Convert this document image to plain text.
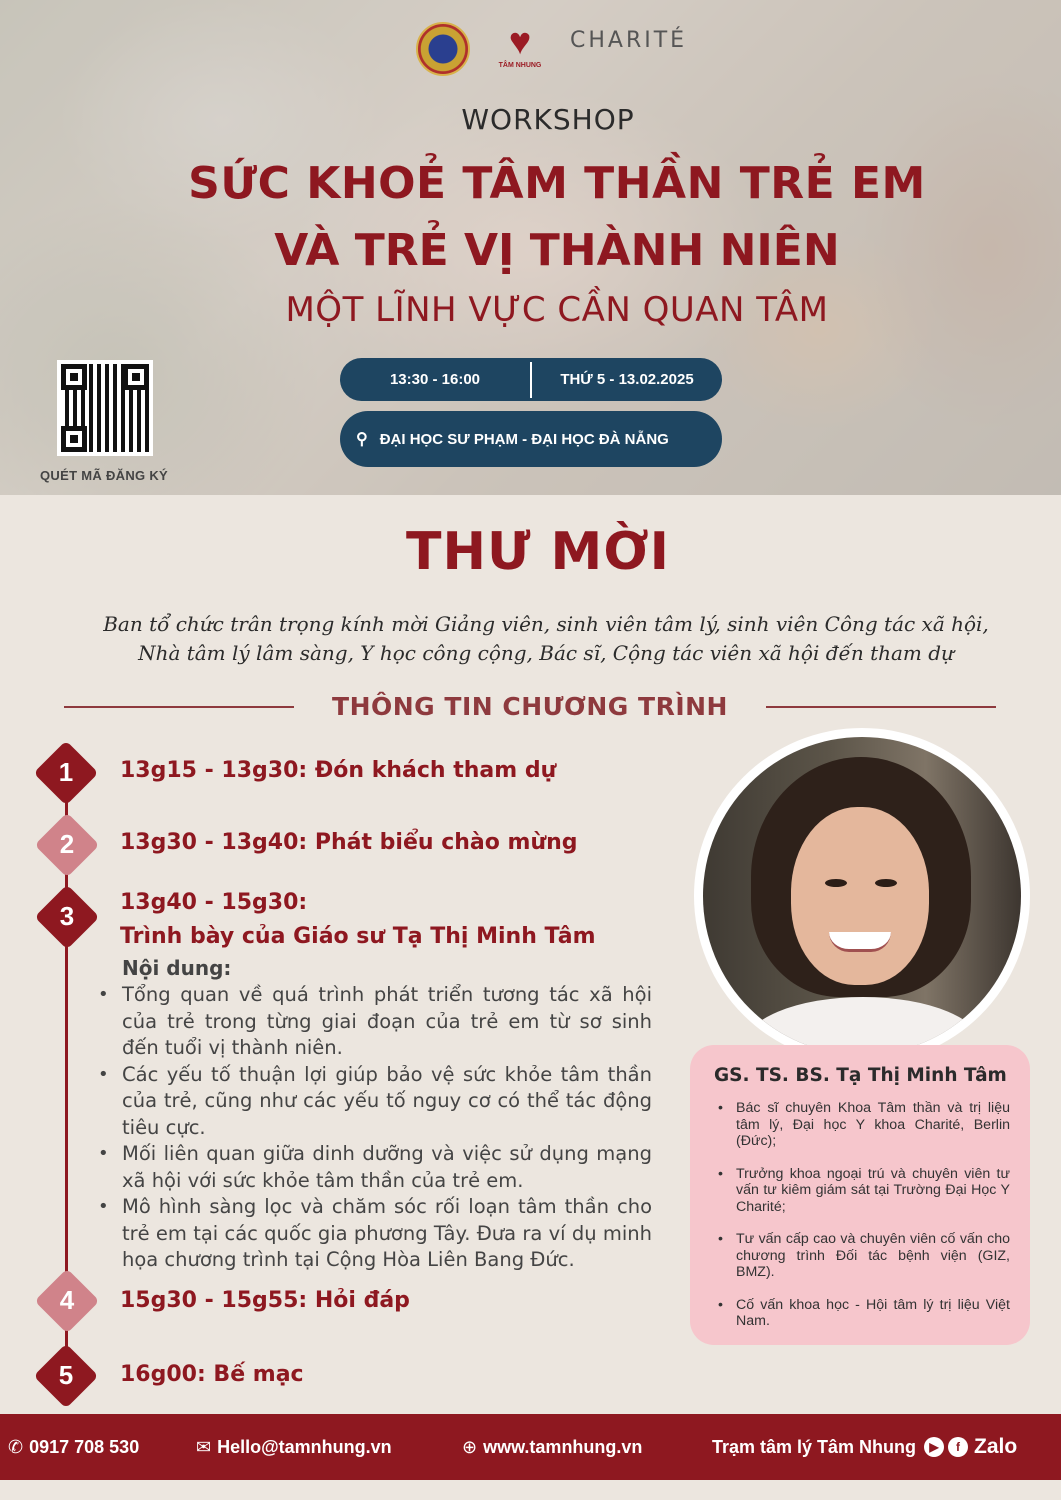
♥
TÂM NHUNG
CHARITÉ
WORKSHOP
SỨC KHOẺ TÂM THẦN TRẺ EM
VÀ TRẺ VỊ THÀNH NIÊN
MỘT LĨNH VỰC CẦN QUAN TÂM
13:30 - 16:00	THỨ 5 - 13.02.2025
⚲ ĐẠI HỌC SƯ PHẠM - ĐẠI HỌC ĐÀ NẴNG
QUÉT MÃ ĐĂNG KÝ
THƯ MỜI
Ban tổ chức trân trọng kính mời Giảng viên, sinh viên tâm lý, sinh viên Công tác xã hội,
Nhà tâm lý lâm sàng, Y học công cộng, Bác sĩ, Cộng tác viên xã hội đến tham dự
THÔNG TIN CHƯƠNG TRÌNH
1	13g15 - 13g30: Đón khách tham dự
2	13g30 - 13g40: Phát biểu chào mừng
3	13g40 - 15g30:
Trình bày của Giáo sư Tạ Thị Minh Tâm
Nội dung:
• Tổng quan về quá trình phát triển tương tác xã hội của trẻ trong từng giai đoạn của trẻ em từ sơ sinh đến tuổi vị thành niên.
• Các yếu tố thuận lợi giúp bảo vệ sức khỏe tâm thần của trẻ, cũng như các yếu tố nguy cơ có thể tác động tiêu cực.
• Mối liên quan giữa dinh dưỡng và việc sử dụng mạng xã hội với sức khỏe tâm thần của trẻ em.
• Mô hình sàng lọc và chăm sóc rối loạn tâm thần cho trẻ em tại các quốc gia phương Tây. Đưa ra ví dụ minh họa chương trình tại Cộng Hòa Liên Bang Đức.
4	15g30 - 15g55: Hỏi đáp
5	16g00: Bế mạc
GS. TS. BS. Tạ Thị Minh Tâm
• Bác sĩ chuyên Khoa Tâm thần và trị liệu tâm lý, Đại học Y khoa Charité, Berlin (Đức);
• Trưởng khoa ngoại trú và chuyên viên tư vấn tư kiêm giám sát tại Trường Đại Học Y Charité;
• Tư vấn cấp cao và chuyên viên cố vấn cho chương trình Đối tác bệnh viện (GIZ, BMZ).
• Cố vấn khoa học - Hội tâm lý trị liệu Việt Nam.
✆ 0917 708 530	✉ Hello@tamnhung.vn	⊕ www.tamnhung.vn	Trạm tâm lý Tâm Nhung	▶	f Zalo
